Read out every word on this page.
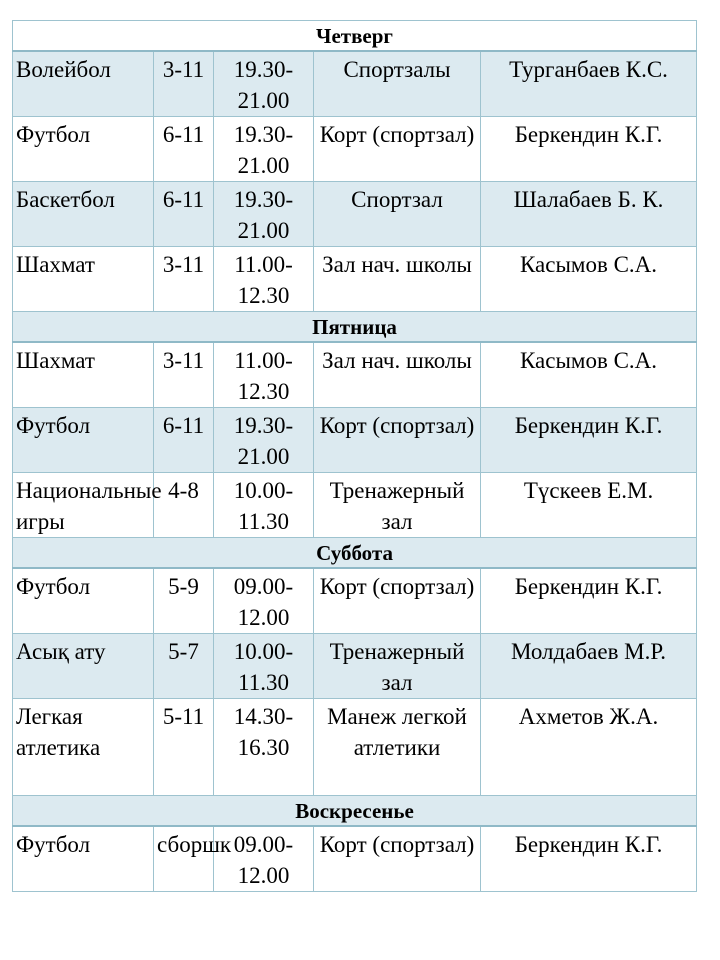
Четверг				
Волейбол	3-11	19.30-21.00	Спортзалы	Турганбаев К.С.
Футбол	6-11	19.30-21.00	Корт (спортзал)	Беркендин К.Г.
Баскетбол	6-11	19.30-21.00	Спортзал	Шалабаев Б. К.
Шахмат	3-11	11.00-12.30	Зал нач. школы	Касымов С.А.
Пятница				
Шахмат	3-11	11.00-12.30	Зал нач. школы	Касымов С.А.
Футбол	6-11	19.30-21.00	Корт (спортзал)	Беркендин К.Г.
Национальные игры	4-8	10.00-11.30	Тренажерный зал	Түскеев Е.М.
Суббота				
Футбол	5-9	09.00-12.00	Корт (спортзал)	Беркендин К.Г.
Асық ату	5-7	10.00-11.30	Тренажерный зал	Молдабаев М.Р.
Легкая атлетика	5-11	14.30-16.30	Манеж легкой атлетики	Ахметов Ж.А.
Воскресенье				
Футбол	сборшк	09.00-12.00	Корт (спортзал)	Беркендин К.Г.
